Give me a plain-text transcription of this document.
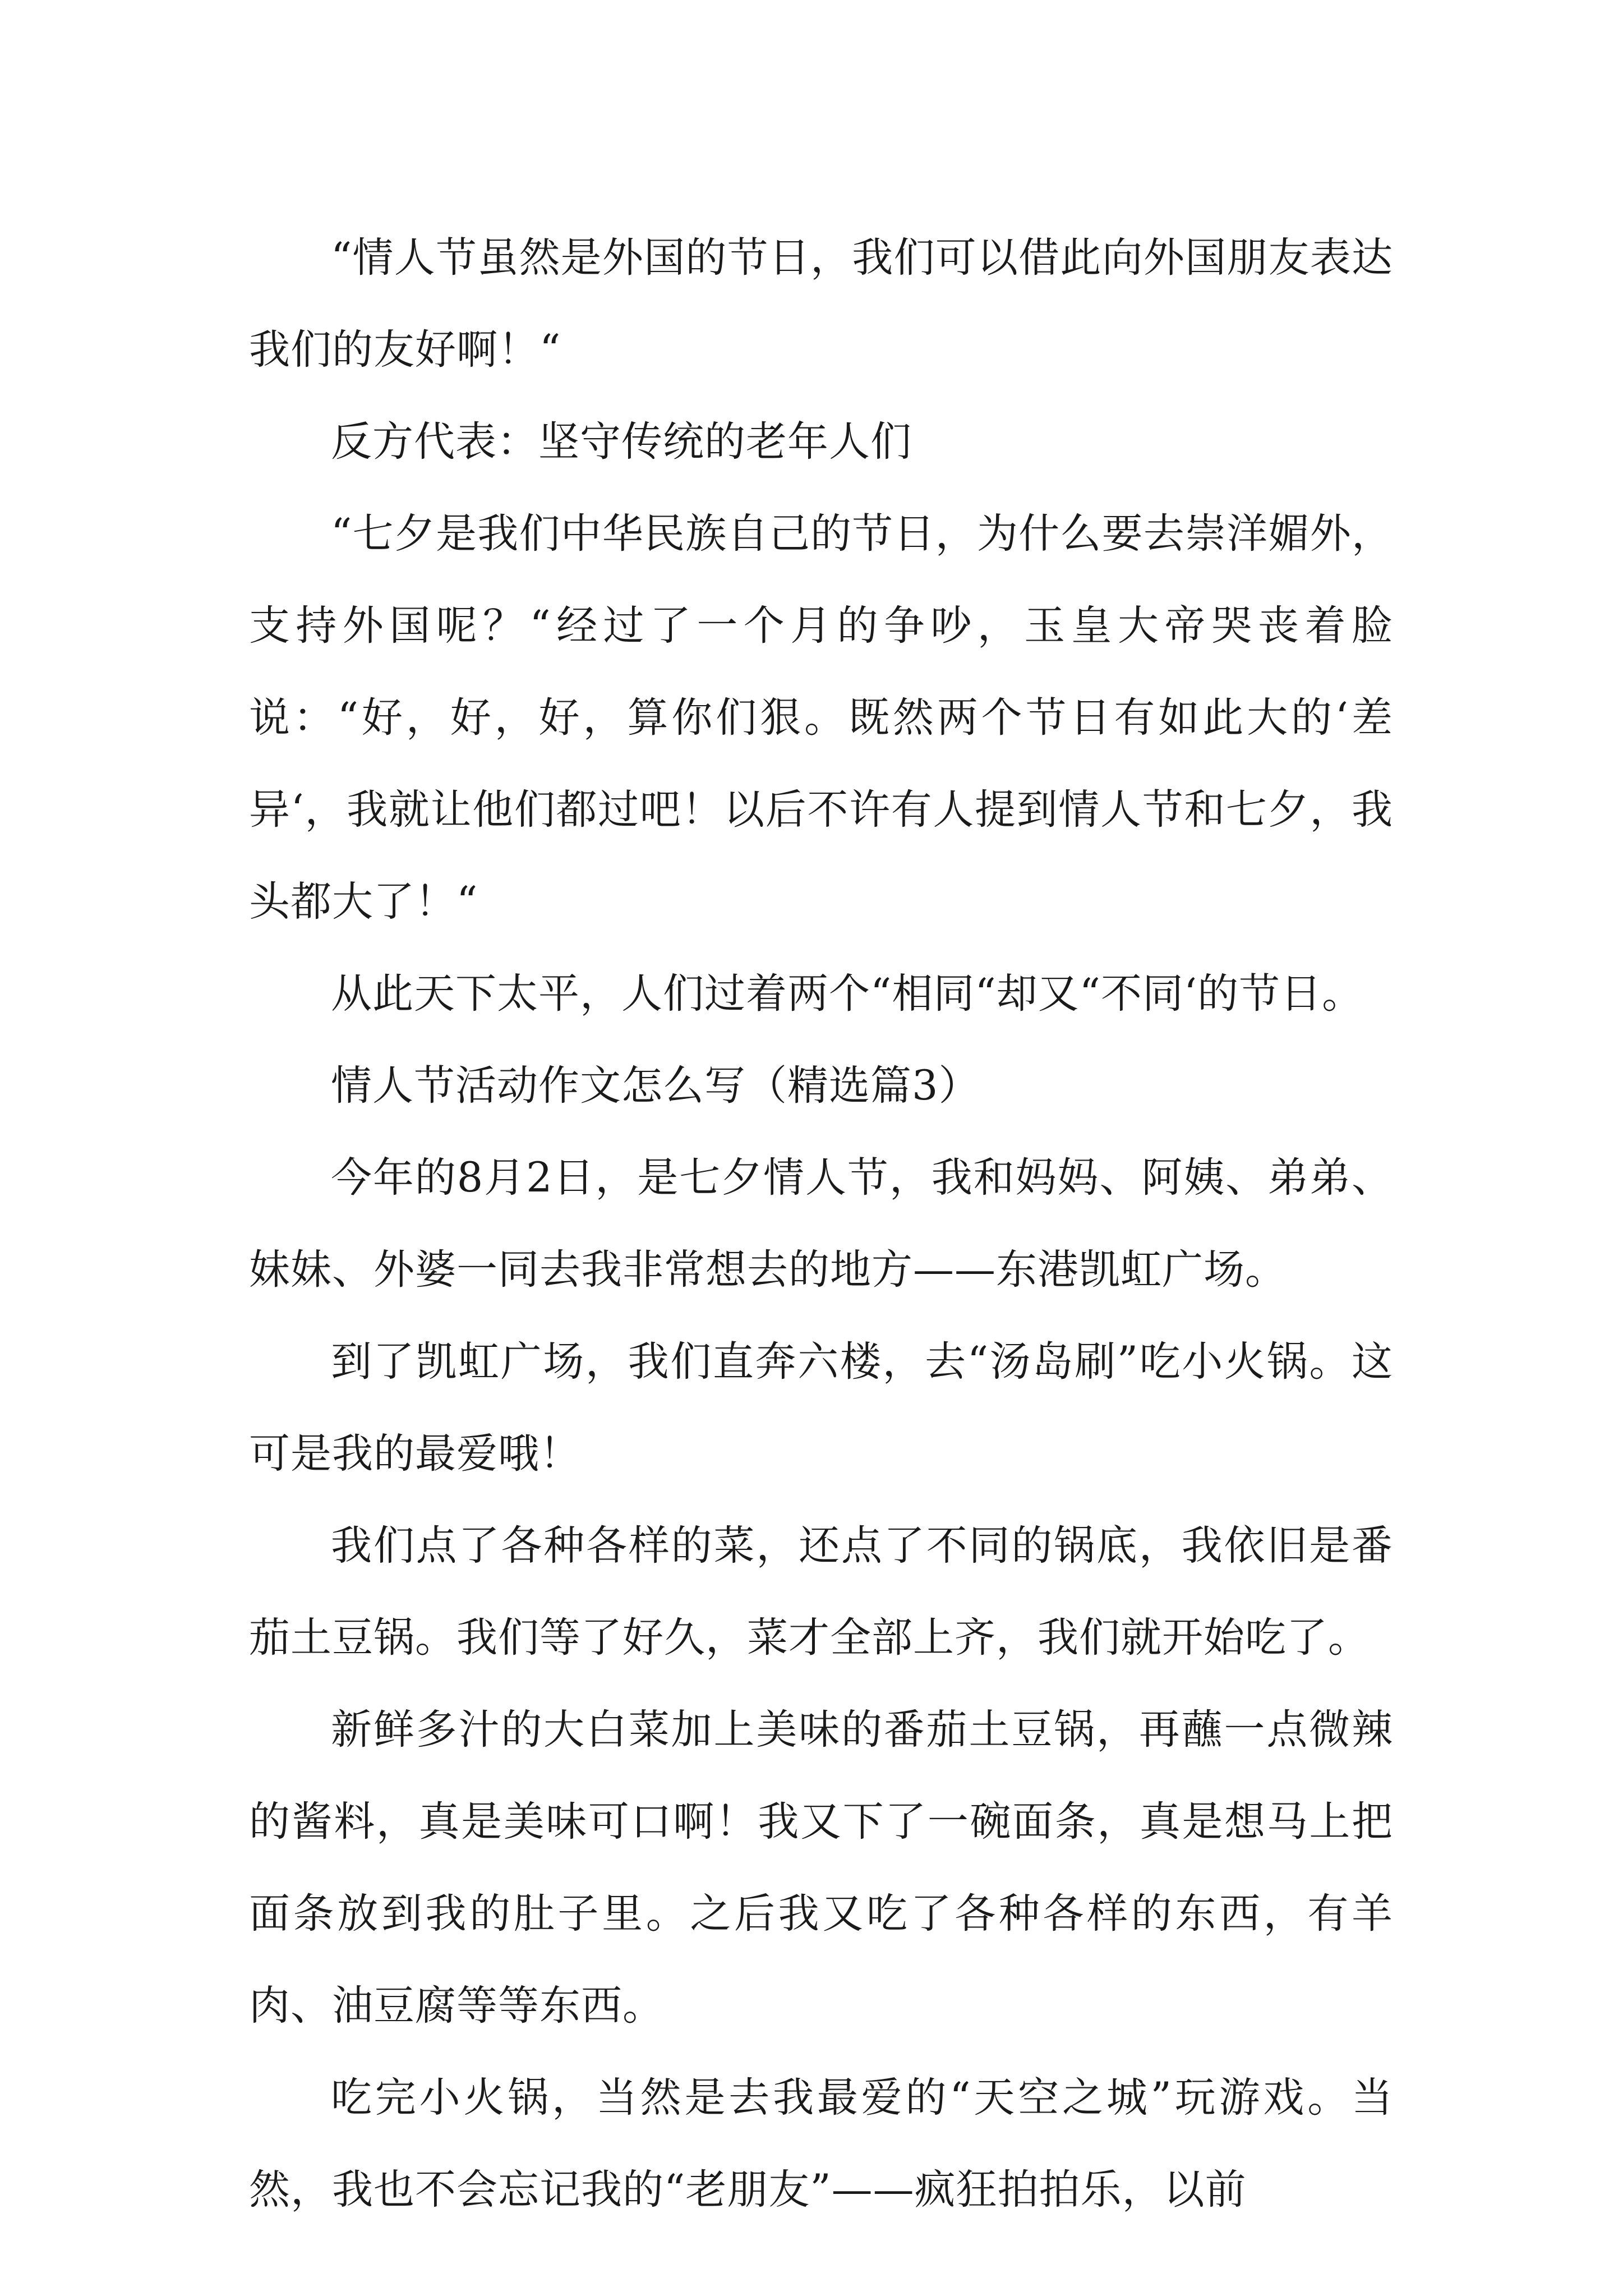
“情人节虽然是外国的节日，我们可以借此向外国朋友表达我们的友好啊！“

反方代表：坚守传统的老年人们

“七夕是我们中华民族自己的节日，为什么要去崇洋媚外，支持外国呢？“经过了一个月的争吵，玉皇大帝哭丧着脸说：“好，好，好，算你们狠。既然两个节日有如此大的‘差异‘，我就让他们都过吧！以后不许有人提到情人节和七夕，我头都大了！“

从此天下太平，人们过着两个“相同“却又“不同‘的节日。

情人节活动作文怎么写（精选篇3）

今年的8月2日，是七夕情人节，我和妈妈、阿姨、弟弟、妹妹、外婆一同去我非常想去的地方——东港凯虹广场。

到了凯虹广场，我们直奔六楼，去“汤岛刷”吃小火锅。这可是我的最爱哦！

我们点了各种各样的菜，还点了不同的锅底，我依旧是番茄土豆锅。我们等了好久，菜才全部上齐，我们就开始吃了。

新鲜多汁的大白菜加上美味的番茄土豆锅，再蘸一点微辣的酱料，真是美味可口啊！我又下了一碗面条，真是想马上把面条放到我的肚子里。之后我又吃了各种各样的东西，有羊肉、油豆腐等等东西。

吃完小火锅，当然是去我最爱的“天空之城”玩游戏。当然，我也不会忘记我的“老朋友”——疯狂拍拍乐，以前
